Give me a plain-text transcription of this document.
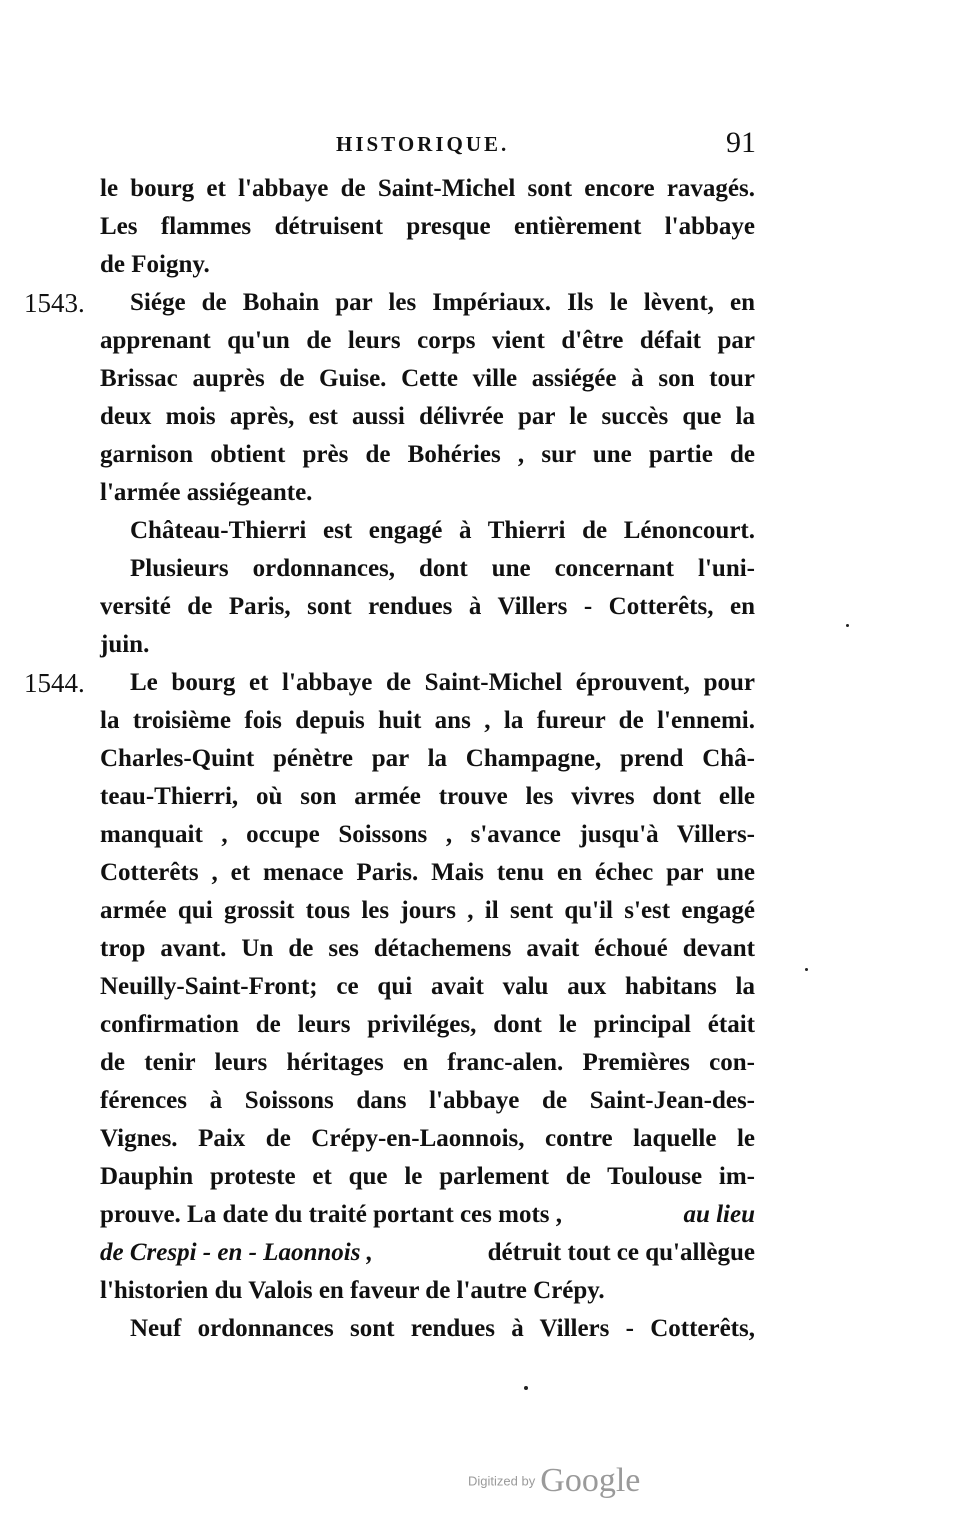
HISTORIQUE.	91
le bourg et l'abbaye de Saint-Michel sont encore ravagés.
Les flammes détruisent presque entièrement l'abbaye
de Foigny.
1543.	Siége de Bohain par les Impériaux. Ils le lèvent, en
apprenant qu'un de leurs corps vient d'être défait par
Brissac auprès de Guise. Cette ville assiégée à son tour
deux mois après, est aussi délivrée par le succès que la
garnison obtient près de Bohéries , sur une partie de
l'armée assiégeante.
Château-Thierri est engagé à Thierri de Lénoncourt.
Plusieurs ordonnances, dont une concernant l'uni-
versité de Paris, sont rendues à Villers - Cotterêts, en
juin.
1544.	Le bourg et l'abbaye de Saint-Michel éprouvent, pour
la troisième fois depuis huit ans , la fureur de l'ennemi.
Charles-Quint pénètre par la Champagne, prend Châ-
teau-Thierri, où son armée trouve les vivres dont elle
manquait , occupe Soissons , s'avance jusqu'à Villers-
Cotterêts , et menace Paris. Mais tenu en échec par une
armée qui grossit tous les jours , il sent qu'il s'est engagé
trop avant. Un de ses détachemens avait échoué devant
Neuilly-Saint-Front; ce qui avait valu aux habitans la
confirmation de leurs priviléges, dont le principal était
de tenir leurs héritages en franc-alen. Premières con-
férences à Soissons dans l'abbaye de Saint-Jean-des-
Vignes. Paix de Crépy-en-Laonnois, contre laquelle le
Dauphin proteste et que le parlement de Toulouse im-
prouve. La date du traité portant ces mots ,	au lieu
de Crespi - en - Laonnois ,	détruit tout ce qu'allègue
l'historien du Valois en faveur de l'autre Crépy.
Neuf ordonnances sont rendues à Villers - Cotterêts,
Digitized by Google
